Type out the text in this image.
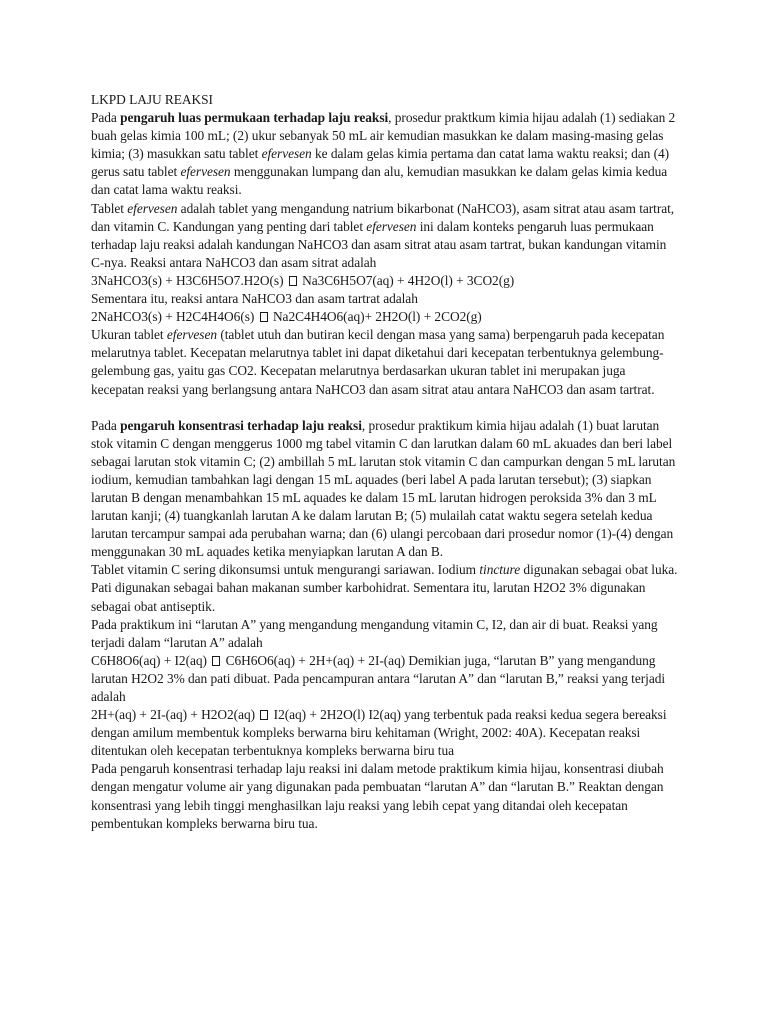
LKPD LAJU REAKSI

Pada pengaruh luas permukaan terhadap laju reaksi, prosedur praktkum kimia hijau adalah (1) sediakan 2 buah gelas kimia 100 mL; (2) ukur sebanyak 50 mL air kemudian masukkan ke dalam masing-masing gelas kimia; (3) masukkan satu tablet efervesen ke dalam gelas kimia pertama dan catat lama waktu reaksi; dan (4) gerus satu tablet efervesen menggunakan lumpang dan alu, kemudian masukkan ke dalam gelas kimia kedua dan catat lama waktu reaksi.

Tablet efervesen adalah tablet yang mengandung natrium bikarbonat (NaHCO3), asam sitrat atau asam tartrat, dan vitamin C. Kandungan yang penting dari tablet efervesen ini dalam konteks pengaruh luas permukaan terhadap laju reaksi adalah kandungan NaHCO3 dan asam sitrat atau asam tartrat, bukan kandungan vitamin C-nya. Reaksi antara NaHCO3 dan asam sitrat adalah

3NaHCO3(s) + H3C6H5O7.H2O(s) Na3C6H5O7(aq) + 4H2O(l) + 3CO2(g)

Sementara itu, reaksi antara NaHCO3 dan asam tartrat adalah

2NaHCO3(s) + H2C4H4O6(s) Na2C4H4O6(aq)+ 2H2O(l) + 2CO2(g)

Ukuran tablet efervesen (tablet utuh dan butiran kecil dengan masa yang sama) berpengaruh pada kecepatan melarutnya tablet. Kecepatan melarutnya tablet ini dapat diketahui dari kecepatan terbentuknya gelembung-gelembung gas, yaitu gas CO2. Kecepatan melarutnya berdasarkan ukuran tablet ini merupakan juga kecepatan reaksi yang berlangsung antara NaHCO3 dan asam sitrat atau antara NaHCO3 dan asam tartrat.

Pada pengaruh konsentrasi terhadap laju reaksi, prosedur praktikum kimia hijau adalah (1) buat larutan stok vitamin C dengan menggerus 1000 mg tabel vitamin C dan larutkan dalam 60 mL akuades dan beri label sebagai larutan stok vitamin C; (2) ambillah 5 mL larutan stok vitamin C dan campurkan dengan 5 mL larutan iodium, kemudian tambahkan lagi dengan 15 mL aquades (beri label A pada larutan tersebut); (3) siapkan larutan B dengan menambahkan 15 mL aquades ke dalam 15 mL larutan hidrogen peroksida 3% dan 3 mL larutan kanji; (4) tuangkanlah larutan A ke dalam larutan B; (5) mulailah catat waktu segera setelah kedua larutan tercampur sampai ada perubahan warna; dan (6) ulangi percobaan dari prosedur nomor (1)-(4) dengan menggunakan 30 mL aquades ketika menyiapkan larutan A dan B.

Tablet vitamin C sering dikonsumsi untuk mengurangi sariawan. Iodium tincture digunakan sebagai obat luka. Pati digunakan sebagai bahan makanan sumber karbohidrat. Sementara itu, larutan H2O2 3% digunakan sebagai obat antiseptik.

Pada praktikum ini “larutan A” yang mengandung mengandung vitamin C, I2, dan air di buat. Reaksi yang terjadi dalam “larutan A” adalah

C6H8O6(aq) + I2(aq) C6H6O6(aq) + 2H+(aq) + 2I-(aq) Demikian juga, “larutan B” yang mengandung larutan H2O2 3% dan pati dibuat. Pada pencampuran antara “larutan A” dan “larutan B,” reaksi yang terjadi adalah

2H+(aq) + 2I-(aq) + H2O2(aq) I2(aq) + 2H2O(l) I2(aq) yang terbentuk pada reaksi kedua segera bereaksi dengan amilum membentuk kompleks berwarna biru kehitaman (Wright, 2002: 40A). Kecepatan reaksi ditentukan oleh kecepatan terbentuknya kompleks berwarna biru tua

Pada pengaruh konsentrasi terhadap laju reaksi ini dalam metode praktikum kimia hijau, konsentrasi diubah dengan mengatur volume air yang digunakan pada pembuatan “larutan A” dan “larutan B.” Reaktan dengan konsentrasi yang lebih tinggi menghasilkan laju reaksi yang lebih cepat yang ditandai oleh kecepatan pembentukan kompleks berwarna biru tua.
